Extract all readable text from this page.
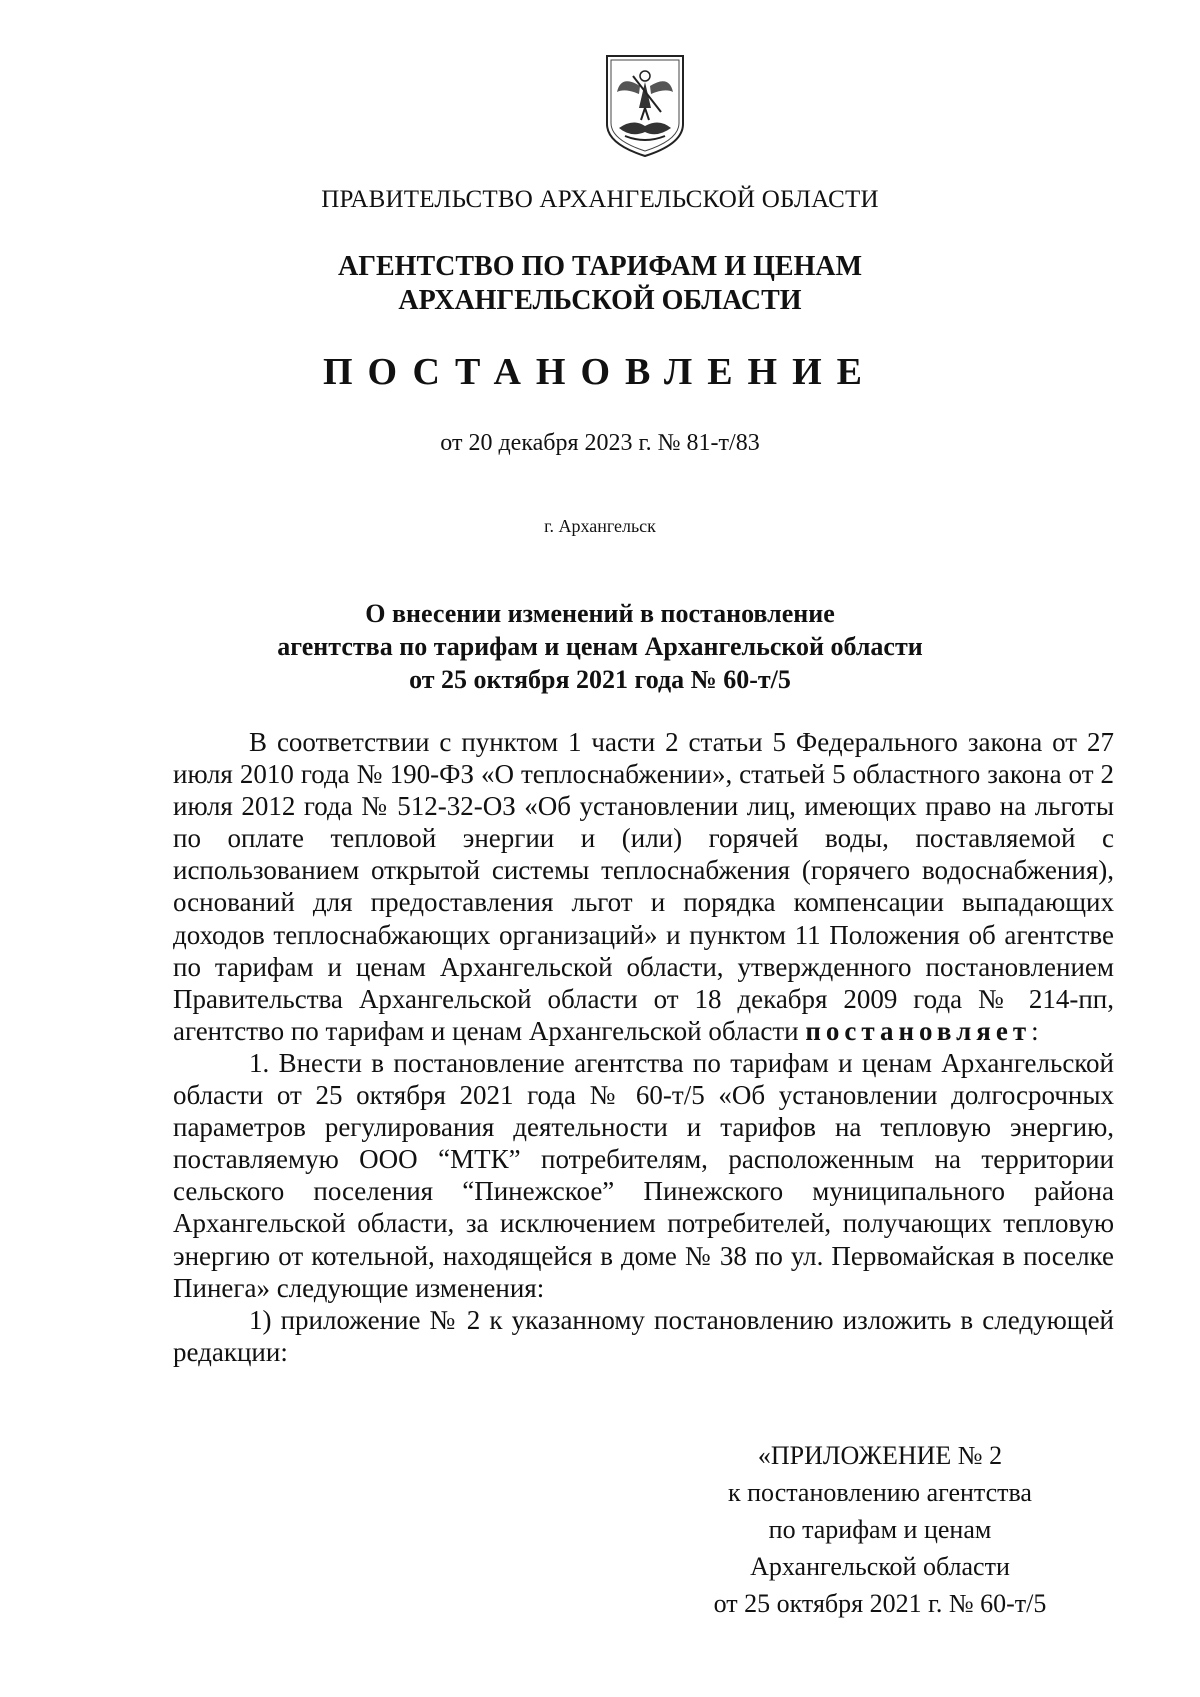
ПРАВИТЕЛЬСТВО АРХАНГЕЛЬСКОЙ ОБЛАСТИ
АГЕНТСТВО ПО ТАРИФАМ И ЦЕНАМ
АРХАНГЕЛЬСКОЙ ОБЛАСТИ
ПОСТАНОВЛЕНИЕ
от 20 декабря 2023 г. № 81-т/83
г. Архангельск
О внесении изменений в постановление
агентства по тарифам и ценам Архангельской области
от 25 октября 2021 года № 60-т/5

В соответствии с пунктом 1 части 2 статьи 5 Федерального закона от 27 июля 2010 года № 190-ФЗ «О теплоснабжении», статьей 5 областного закона от 2 июля 2012 года № 512-32-ОЗ «Об установлении лиц, имеющих право на льготы по оплате тепловой энергии и (или) горячей воды, поставляемой с использованием открытой системы теплоснабжения (горячего водоснабжения), оснований для предоставления льгот и порядка компенсации выпадающих доходов теплоснабжающих организаций» и пунктом 11 Положения об агентстве по тарифам и ценам Архангельской области, утвержденного постановлением Правительства Архангельской области от 18 декабря 2009 года № 214-пп, агентство по тарифам и ценам Архангельской области постановляет:

1. Внести в постановление агентства по тарифам и ценам Архангельской области от 25 октября 2021 года № 60-т/5 «Об установлении долгосрочных параметров регулирования деятельности и тарифов на тепловую энергию, поставляемую ООО “МТК” потребителям, расположенным на территории сельского поселения “Пинежское” Пинежского муниципального района Архангельской области, за исключением потребителей, получающих тепловую энергию от котельной, находящейся в доме № 38 по ул. Первомайская в поселке Пинега» следующие изменения:

1) приложение № 2 к указанному постановлению изложить в следующей редакции:

«ПРИЛОЖЕНИЕ № 2
к постановлению агентства
по тарифам и ценам
Архангельской области
от 25 октября 2021 г. № 60-т/5
